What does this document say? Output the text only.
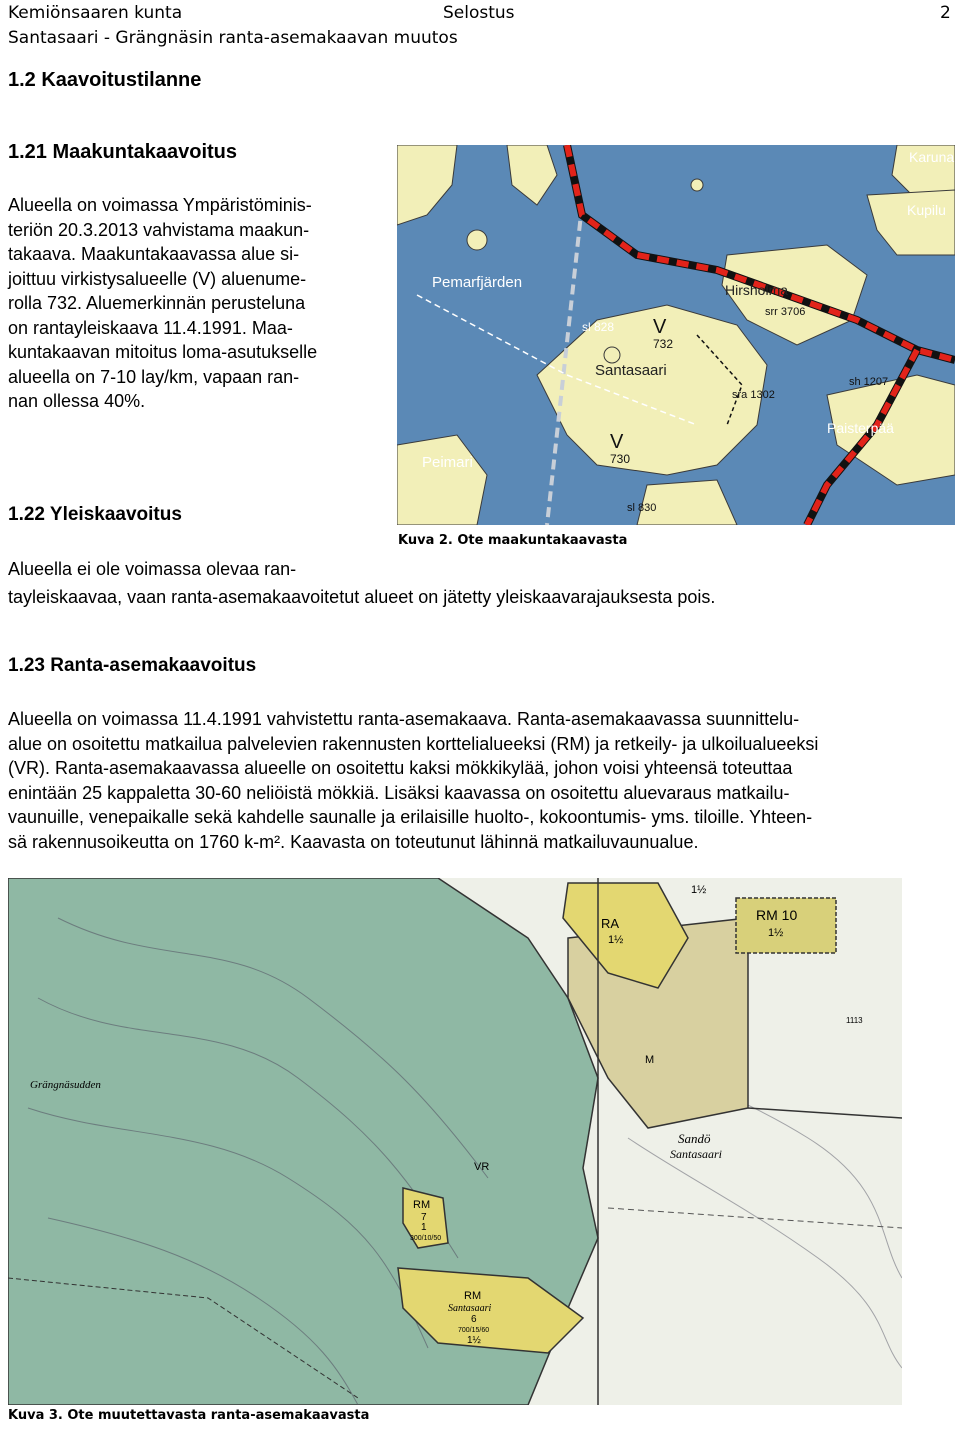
Kemiönsaaren kunta	Selostus	2
Santasaari - Grängnäsin ranta-asemakaavan muutos
1.2 Kaavoitustilanne
1.21 Maakuntakaavoitus
Alueella on voimassa Ympäristöminis-
teriön 20.3.2013 vahvistama maakun-
takaava. Maakuntakaavassa alue si-
joittuu virkistysalueelle (V) aluenume-
rolla 732. Aluemerkinnän perusteluna
on rantayleiskaava 11.4.1991. Maa-
kuntakaavan mitoitus loma-asutukselle
alueella on 7-10 lay/km, vapaan ran-
nan ollessa 40%.
Karuna
Kupilu
Pemarfjärden	Hirsholma
srr 3706
sl 828 V
732
Santasaari
sra 1302
sh 1207
Paisterpää
V
730
Peimari
sl 830
Kuva 2. Ote maakuntakaavasta
1.22 Yleiskaavoitus
Alueella ei ole voimassa olevaa ran-
tayleiskaavaa, vaan ranta-asemakaavoitetut alueet on jätetty yleiskaavarajauksesta pois.
1.23 Ranta-asemakaavoitus
Alueella on voimassa 11.4.1991 vahvistettu ranta-asemakaava. Ranta-asemakaavassa suunnittelu-
alue on osoitettu matkailua palvelevien rakennusten korttelialueeksi (RM) ja retkeily- ja ulkoilualueeksi
(VR). Ranta-asemakaavassa alueelle on osoitettu kaksi mökkikylää, johon voisi yhteensä toteuttaa
enintään 25 kappaletta 30-60 neliöistä mökkiä. Lisäksi kaavassa on osoitettu aluevaraus matkailu-
vaunuille, venepaikalle sekä kahdelle saunalle ja erilaisille huolto-, kokoontumis- yms. tiloille. Yhteen-
sä rakennusoikeutta on 1760 k-m². Kaavasta on toteutunut lähinnä matkailuvaunualue.
RM 10
1½
RA
1½
1½
M
Grängnäsudden
Sandö
Santasaari
VR
RM
7
1
300/10/50
RM
Santasaari
6
700/15/60
1½
1113
Kuva 3. Ote muutettavasta ranta-asemakaavasta
